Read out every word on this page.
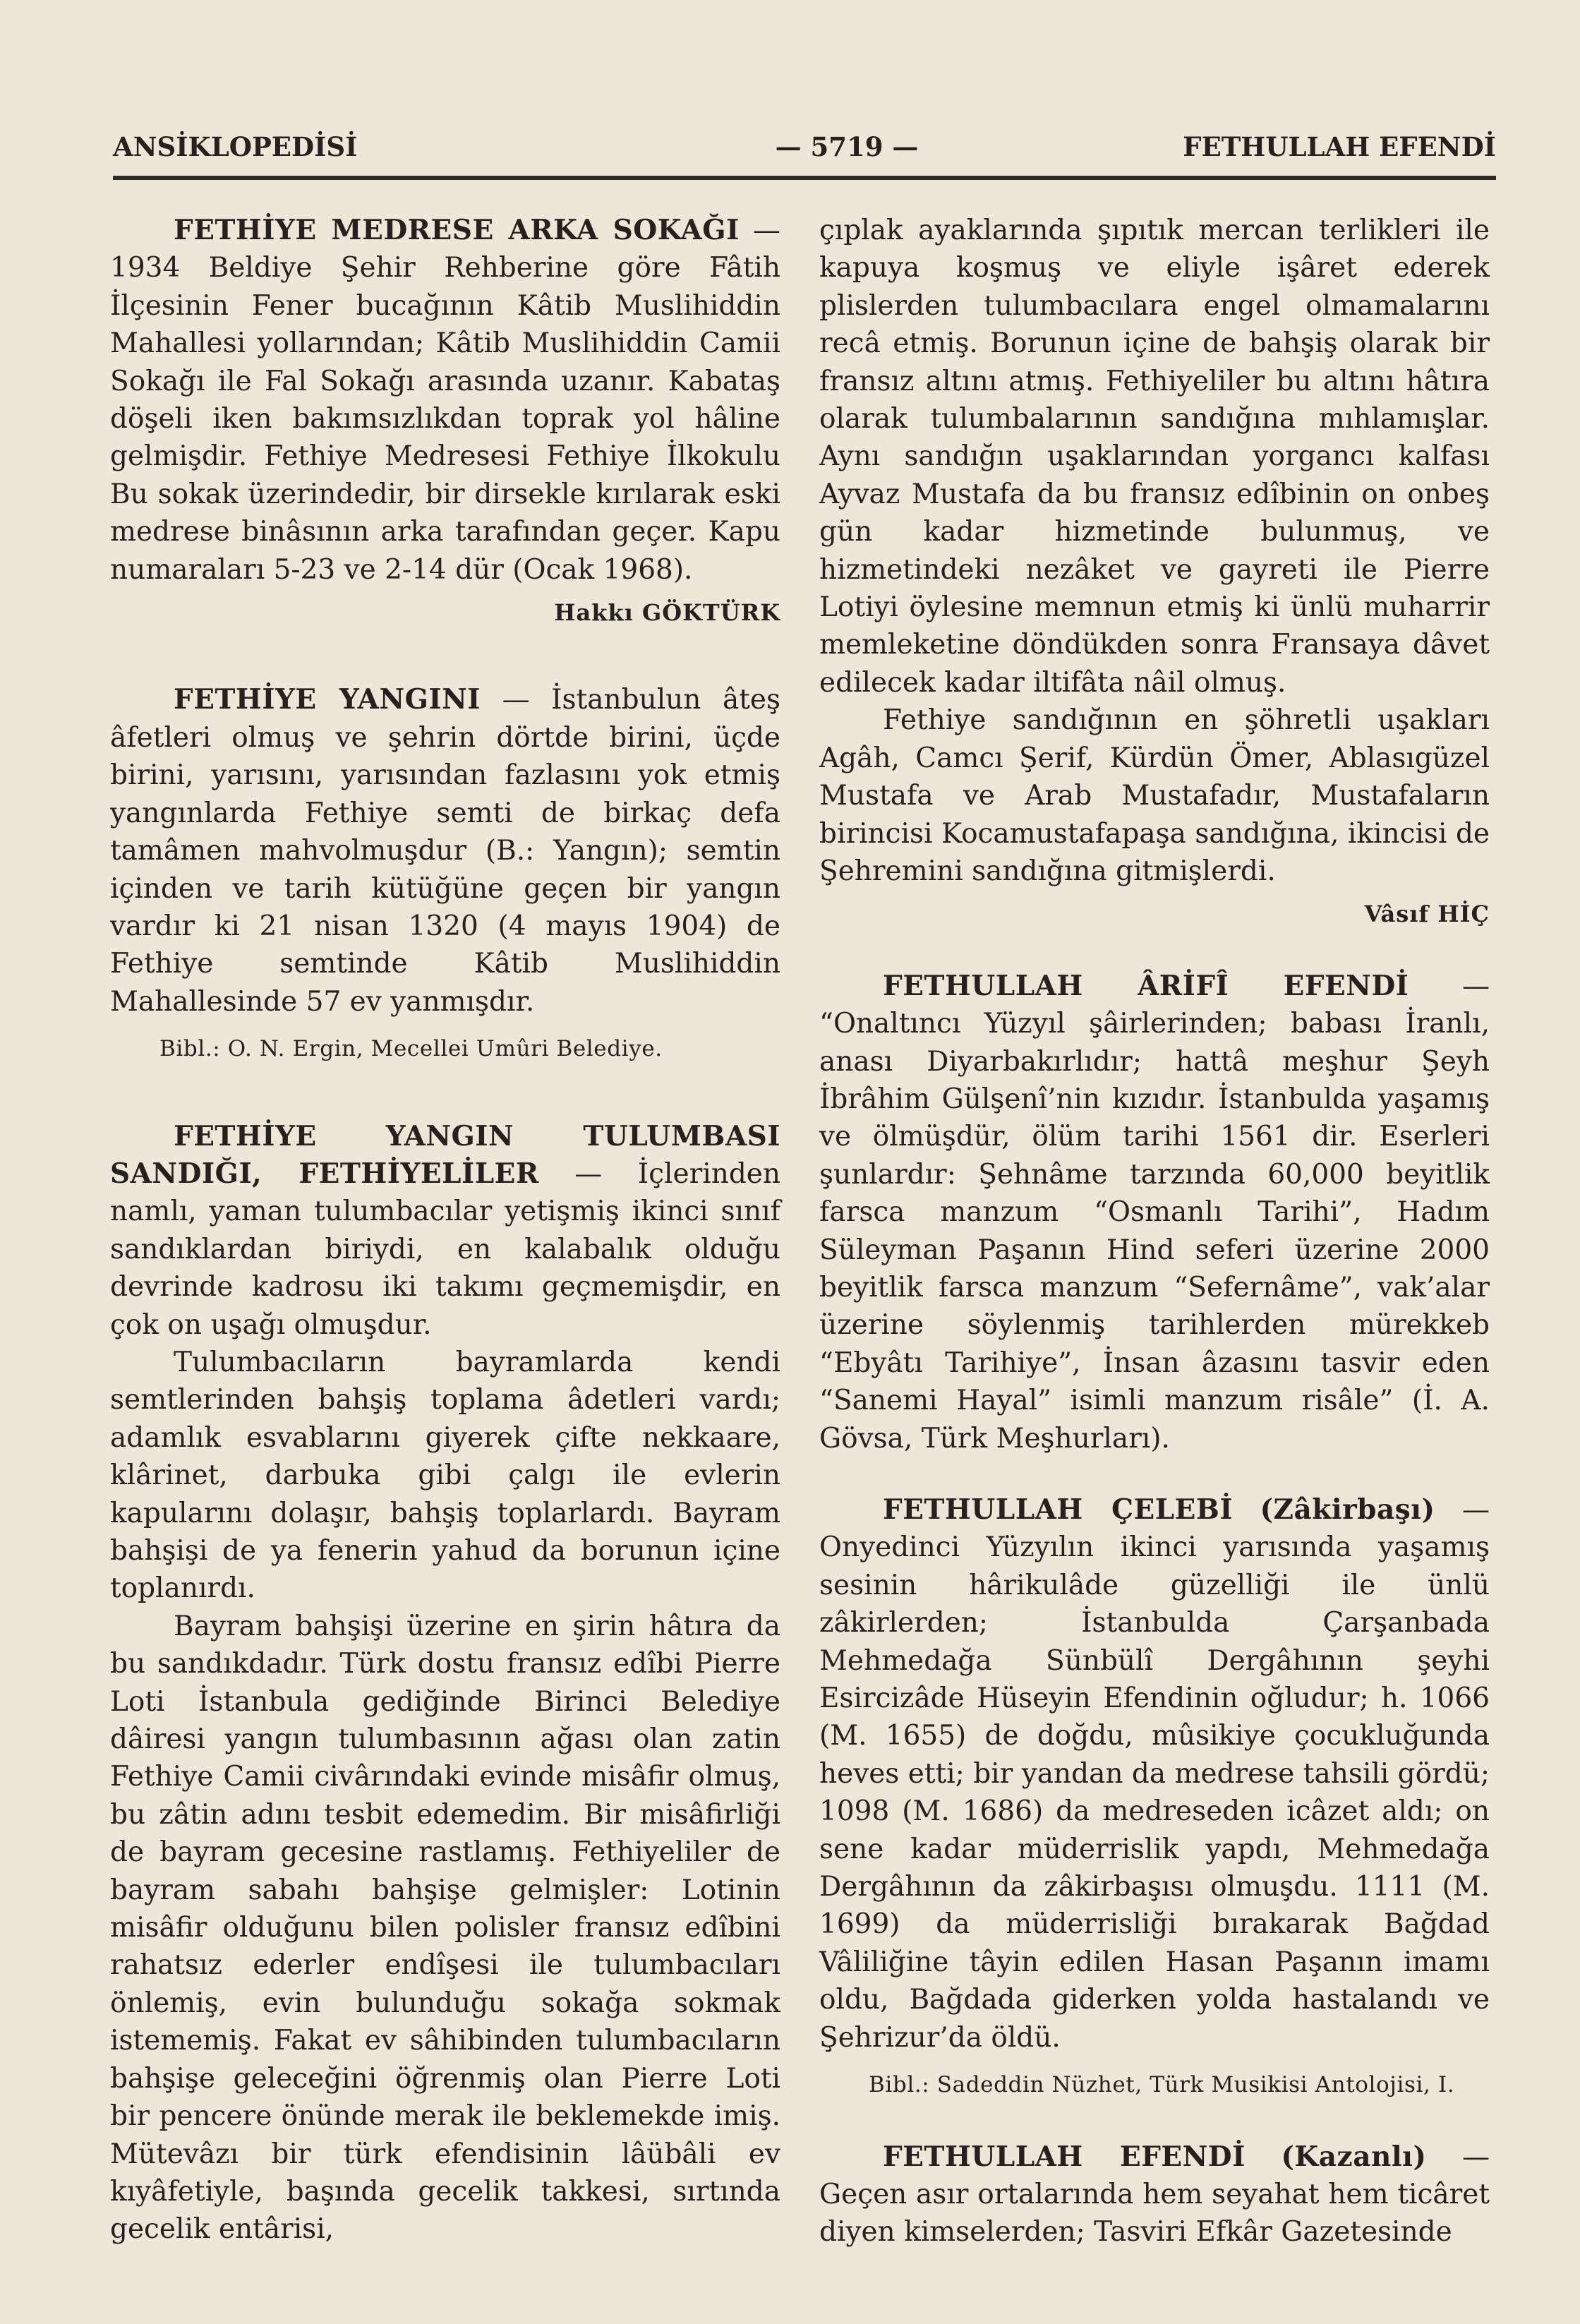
ANSİKLOPEDİSİ	— 5719 —	FETHULLAH EFENDİ

FETHİYE MEDRESE ARKA SOKAĞI — 1934 Beldiye Şehir Rehberine göre Fâtih İlçesinin Fener bucağının Kâtib Muslihiddin Mahallesi yollarından; Kâtib Muslihiddin Camii Sokağı ile Fal Sokağı arasında uzanır. Kabataş döşeli iken bakımsızlıkdan toprak yol hâline gelmişdir. Fethiye Medresesi Fethiye İlkokulu Bu sokak üzerindedir, bir dirsekle kırılarak eski medrese binâsının arka tarafından geçer. Kapu numaraları 5-23 ve 2-14 dür (Ocak 1968).

Hakkı GÖKTÜRK

FETHİYE YANGINI — İstanbulun âteş âfetleri olmuş ve şehrin dörtde birini, üçde birini, yarısını, yarısından fazlasını yok etmiş yangınlarda Fethiye semti de birkaç defa tamâmen mahvolmuşdur (B.: Yangın); semtin içinden ve tarih kütüğüne geçen bir yangın vardır ki 21 nisan 1320 (4 mayıs 1904) de Fethiye semtinde Kâtib Muslihiddin Mahallesinde 57 ev yanmışdır.

Bibl.: O. N. Ergin, Mecellei Umûri Belediye.

FETHİYE YANGIN TULUMBASI SANDIĞI, FETHİYELİLER — İçlerinden namlı, yaman tulumbacılar yetişmiş ikinci sınıf sandıklardan biriydi, en kalabalık olduğu devrinde kadrosu iki takımı geçmemişdir, en çok on uşağı olmuşdur.

Tulumbacıların bayramlarda kendi semtlerinden bahşiş toplama âdetleri vardı; adamlık esvablarını giyerek çifte nekkaare, klârinet, darbuka gibi çalgı ile evlerin kapularını dolaşır, bahşiş toplarlardı. Bayram bahşişi de ya fenerin yahud da borunun içine toplanırdı.

Bayram bahşişi üzerine en şirin hâtıra da bu sandıkdadır. Türk dostu fransız edîbi Pierre Loti İstanbula gediğinde Birinci Belediye dâiresi yangın tulumbasının ağası olan zatin Fethiye Camii civârındaki evinde misâfir olmuş, bu zâtin adını tesbit edemedim. Bir misâfirliği de bayram gecesine rastlamış. Fethiyeliler de bayram sabahı bahşişe gelmişler: Lotinin misâfir olduğunu bilen polisler fransız edîbini rahatsız ederler endîşesi ile tulumbacıları önlemiş, evin bulunduğu sokağa sokmak istememiş. Fakat ev sâhibinden tulumbacıların bahşişe geleceğini öğrenmiş olan Pierre Loti bir pencere önünde merak ile beklemekde imiş. Mütevâzı bir türk efendisinin lâübâli ev kıyâfetiyle, başında gecelik takkesi, sırtında gecelik entârisi,

çıplak ayaklarında şıpıtık mercan terlikleri ile kapuya koşmuş ve eliyle işâret ederek plislerden tulumbacılara engel olmamalarını recâ etmiş. Borunun içine de bahşiş olarak bir fransız altını atmış. Fethiyeliler bu altını hâtıra olarak tulumbalarının sandığına mıhlamışlar. Aynı sandığın uşaklarından yorgancı kalfası Ayvaz Mustafa da bu fransız edîbinin on onbeş gün kadar hizmetinde bulunmuş, ve hizmetindeki nezâket ve gayreti ile Pierre Lotiyi öylesine memnun etmiş ki ünlü muharrir memleketine döndükden sonra Fransaya dâvet edilecek kadar iltifâta nâil olmuş.

Fethiye sandığının en şöhretli uşakları Agâh, Camcı Şerif, Kürdün Ömer, Ablasıgüzel Mustafa ve Arab Mustafadır, Mustafaların birincisi Kocamustafapaşa sandığına, ikincisi de Şehremini sandığına gitmişlerdi.

Vâsıf HİÇ

FETHULLAH ÂRİFÎ EFENDİ — “Onaltıncı Yüzyıl şâirlerinden; babası İranlı, anası Diyarbakırlıdır; hattâ meşhur Şeyh İbrâhim Gülşenî’nin kızıdır. İstanbulda yaşamış ve ölmüşdür, ölüm tarihi 1561 dir. Eserleri şunlardır: Şehnâme tarzında 60,000 beyitlik farsca manzum “Osmanlı Tarihi”, Hadım Süleyman Paşanın Hind seferi üzerine 2000 beyitlik farsca manzum “Sefernâme”, vak’alar üzerine söylenmiş tarihlerden mürekkeb “Ebyâtı Tarihiye”, İnsan âzasını tasvir eden “Sanemi Hayal” isimli manzum risâle” (İ. A. Gövsa, Türk Meşhurları).

FETHULLAH ÇELEBİ (Zâkirbaşı) — Onyedinci Yüzyılın ikinci yarısında yaşamış sesinin hârikulâde güzelliği ile ünlü zâkirlerden; İstanbulda Çarşanbada Mehmedağa Sünbülî Dergâhının şeyhi Esircizâde Hüseyin Efendinin oğludur; h. 1066 (M. 1655) de doğdu, mûsikiye çocukluğunda heves etti; bir yandan da medrese tahsili gördü; 1098 (M. 1686) da medreseden icâzet aldı; on sene kadar müderrislik yapdı, Mehmedağa Dergâhının da zâkirbaşısı olmuşdu. 1111 (M. 1699) da müderrisliği bırakarak Bağdad Vâliliğine tâyin edilen Hasan Paşanın imamı oldu, Bağdada giderken yolda hastalandı ve Şehrizur’da öldü.

Bibl.: Sadeddin Nüzhet, Türk Musikisi Antolojisi, I.

FETHULLAH EFENDİ (Kazanlı) — Geçen asır ortalarında hem seyahat hem ticâret diyen kimselerden; Tasviri Efkâr Gazetesinde
